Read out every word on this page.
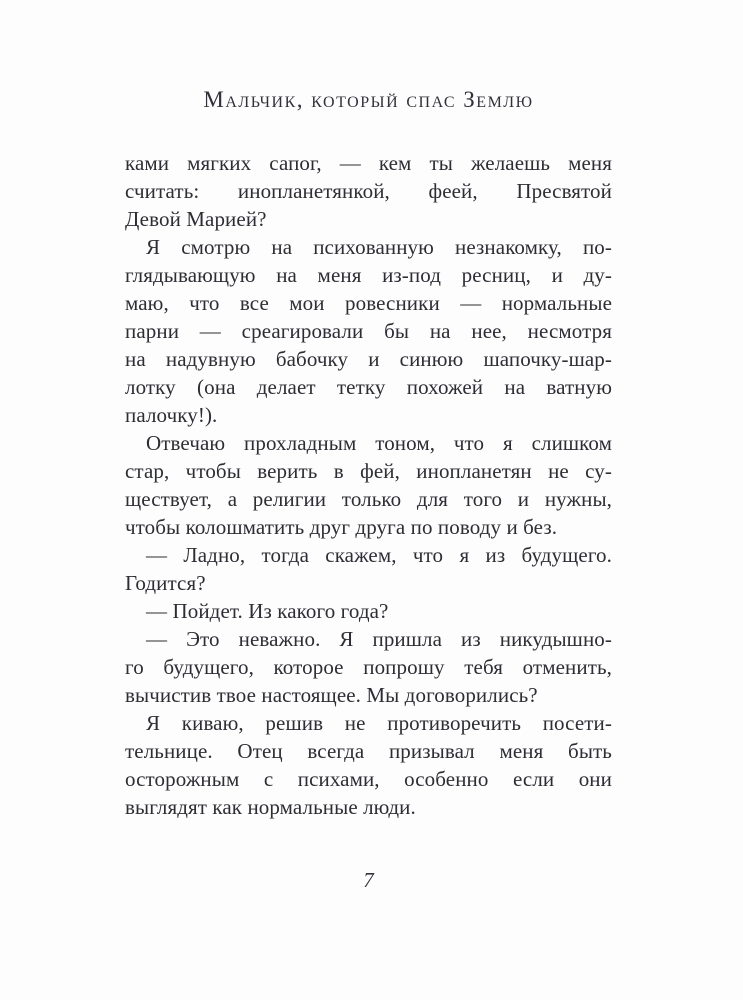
Мальчик, который спас Землю
ками мягких сапог, — кем ты желаешь меня
считать: инопланетянкой, феей, Пресвятой
Девой Марией?
Я смотрю на психованную незнакомку, по-
глядывающую на меня из-под ресниц, и ду-
маю, что все мои ровесники — нормальные
парни — среагировали бы на нее, несмотря
на надувную бабочку и синюю шапочку-шар-
лотку (она делает тетку похожей на ватную
палочку!).
Отвечаю прохладным тоном, что я слишком
стар, чтобы верить в фей, инопланетян не су-
ществует, а религии только для того и нужны,
чтобы колошматить друг друга по поводу и без.
— Ладно, тогда скажем, что я из будущего.
Годится?
— Пойдет. Из какого года?
— Это неважно. Я пришла из никудышно-
го будущего, которое попрошу тебя отменить,
вычистив твое настоящее. Мы договорились?
Я киваю, решив не противоречить посети-
тельнице. Отец всегда призывал меня быть
осторожным с психами, особенно если они
выглядят как нормальные люди.
7
